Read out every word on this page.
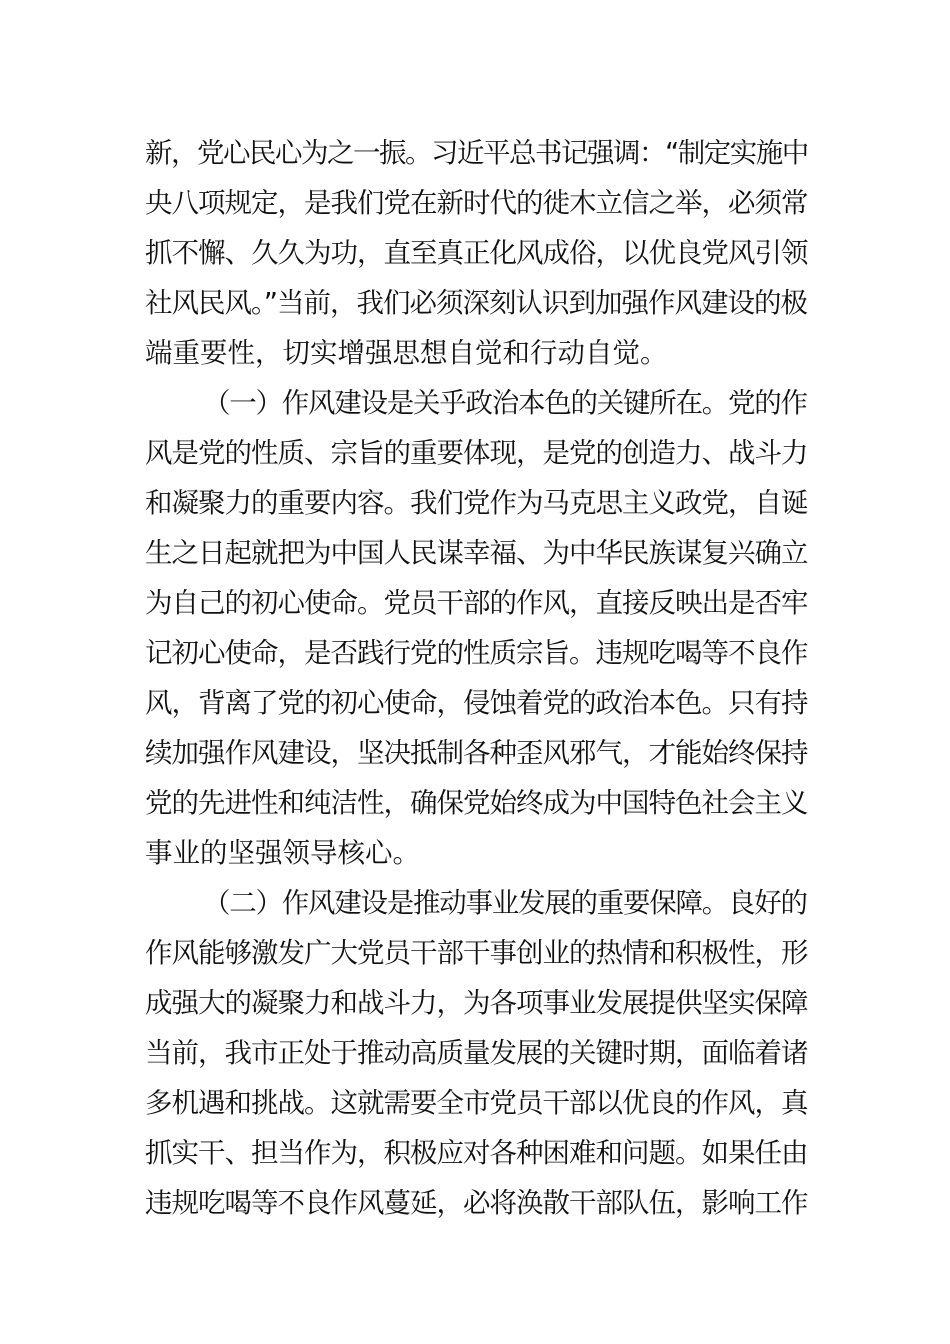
新，党心民心为之一振。习近平总书记强调：“制定实施中
央八项规定，是我们党在新时代的徙木立信之举，必须常
抓不懈、久久为功，直至真正化风成俗，以优良党风引领
社风民风。”当前，我们必须深刻认识到加强作风建设的极
端重要性，切实增强思想自觉和行动自觉。
（一）作风建设是关乎政治本色的关键所在。党的作
风是党的性质、宗旨的重要体现，是党的创造力、战斗力
和凝聚力的重要内容。我们党作为马克思主义政党，自诞
生之日起就把为中国人民谋幸福、为中华民族谋复兴确立
为自己的初心使命。党员干部的作风，直接反映出是否牢
记初心使命，是否践行党的性质宗旨。违规吃喝等不良作
风，背离了党的初心使命，侵蚀着党的政治本色。只有持
续加强作风建设，坚决抵制各种歪风邪气，才能始终保持
党的先进性和纯洁性，确保党始终成为中国特色社会主义
事业的坚强领导核心。
（二）作风建设是推动事业发展的重要保障。良好的
作风能够激发广大党员干部干事创业的热情和积极性，形
成强大的凝聚力和战斗力，为各项事业发展提供坚实保障
当前，我市正处于推动高质量发展的关键时期，面临着诸
多机遇和挑战。这就需要全市党员干部以优良的作风，真
抓实干、担当作为，积极应对各种困难和问题。如果任由
违规吃喝等不良作风蔓延，必将涣散干部队伍，影响工作
